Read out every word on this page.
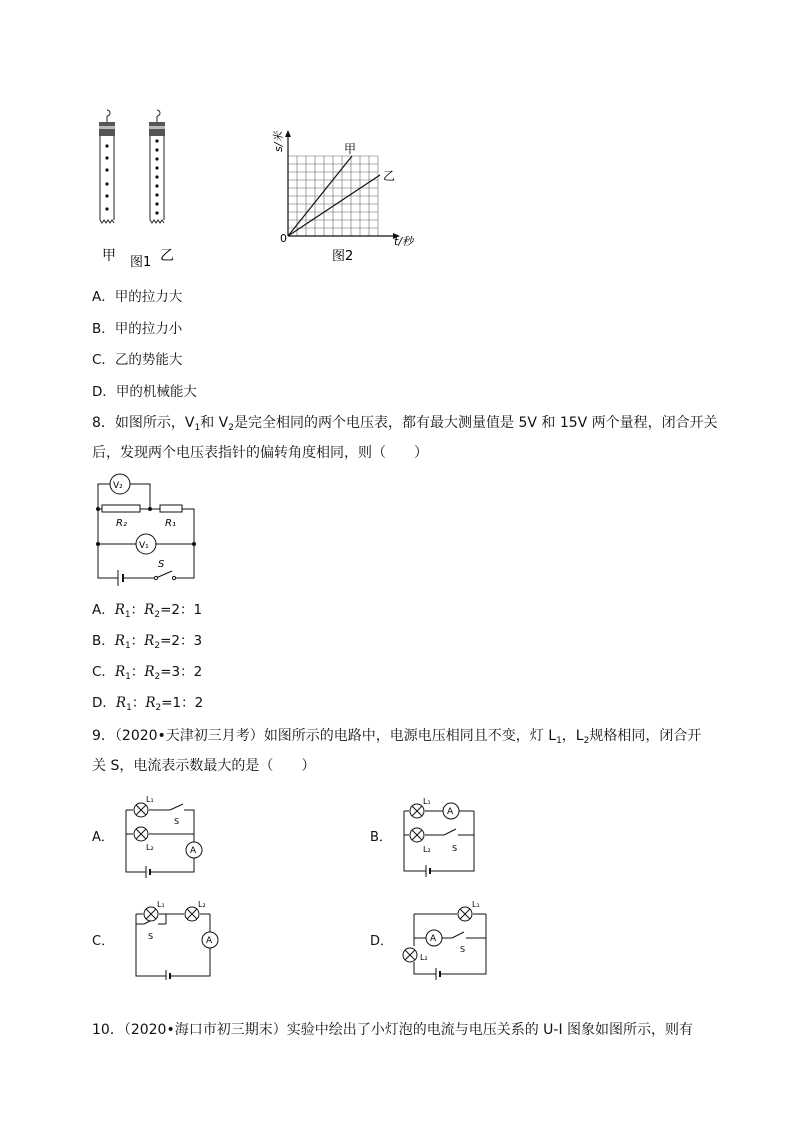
甲 图1 乙
s/米	甲
乙
0	t/秒
图2
A．甲的拉力大
B．甲的拉力小
C．乙的势能大
D．甲的机械能大
8．如图所示，$V_1$和 $V_2$是完全相同的两个电压表，都有最大测量值是 5V 和 15V 两个量程，闭合开关
后，发现两个电压表指针的偏转角度相同，则（　　）
V₂
V₁
R₂	R₁
S
A．$R_1$：$R_2=2$：1
B．$R_1$：$R_2=2$：3
C．$R_1$：$R_2=3$：2
D．$R_1$：$R_2=1$：2
9．（2020•天津初三月考）如图所示的电路中，电源电压相同且不变，灯 $L_1$，$L_2$规格相同，闭合开
关 S，电流表示数最大的是（　　）
A．
A
L₁
L₂
S
B．
A
L₁
L₂	S
C．	A
L₁	L₂
S	D．	A
L₁
L₂
S
10．（2020•海口市初三期末）实验中绘出了小灯泡的电流与电压关系的 U-I 图象如图所示，则有
